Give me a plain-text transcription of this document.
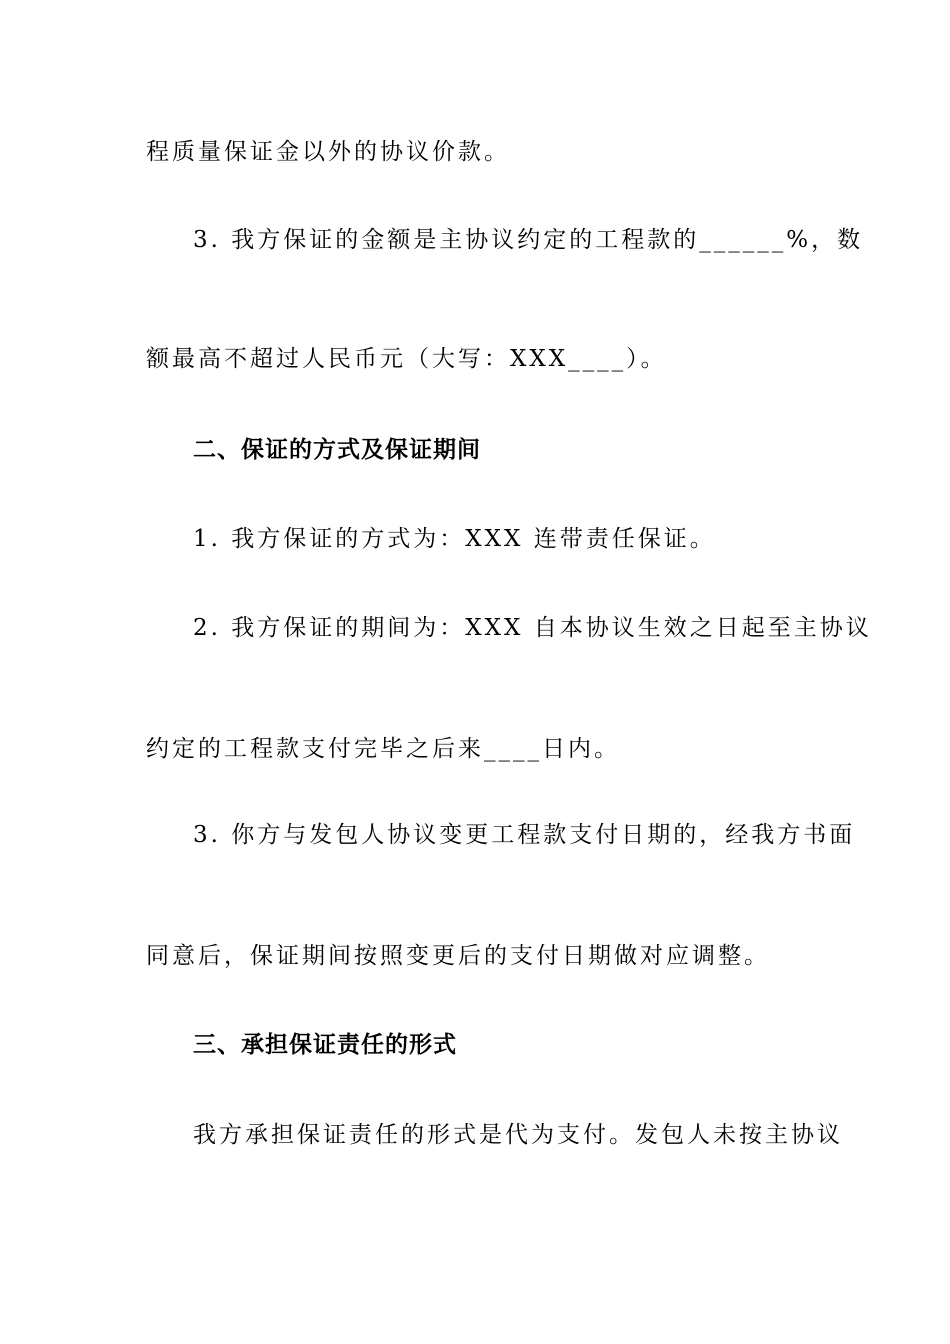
程质量保证金以外的协议价款。
3. 我方保证的金额是主协议约定的工程款的______%，数
额最高不超过人民币元（大写：XXX____）。
二、保证的方式及保证期间
1. 我方保证的方式为：XXX 连带责任保证。
2. 我方保证的期间为：XXX 自本协议生效之日起至主协议
约定的工程款支付完毕之后来____日内。
3. 你方与发包人协议变更工程款支付日期的，经我方书面
同意后，保证期间按照变更后的支付日期做对应调整。
三、承担保证责任的形式
我方承担保证责任的形式是代为支付。发包人未按主协议
